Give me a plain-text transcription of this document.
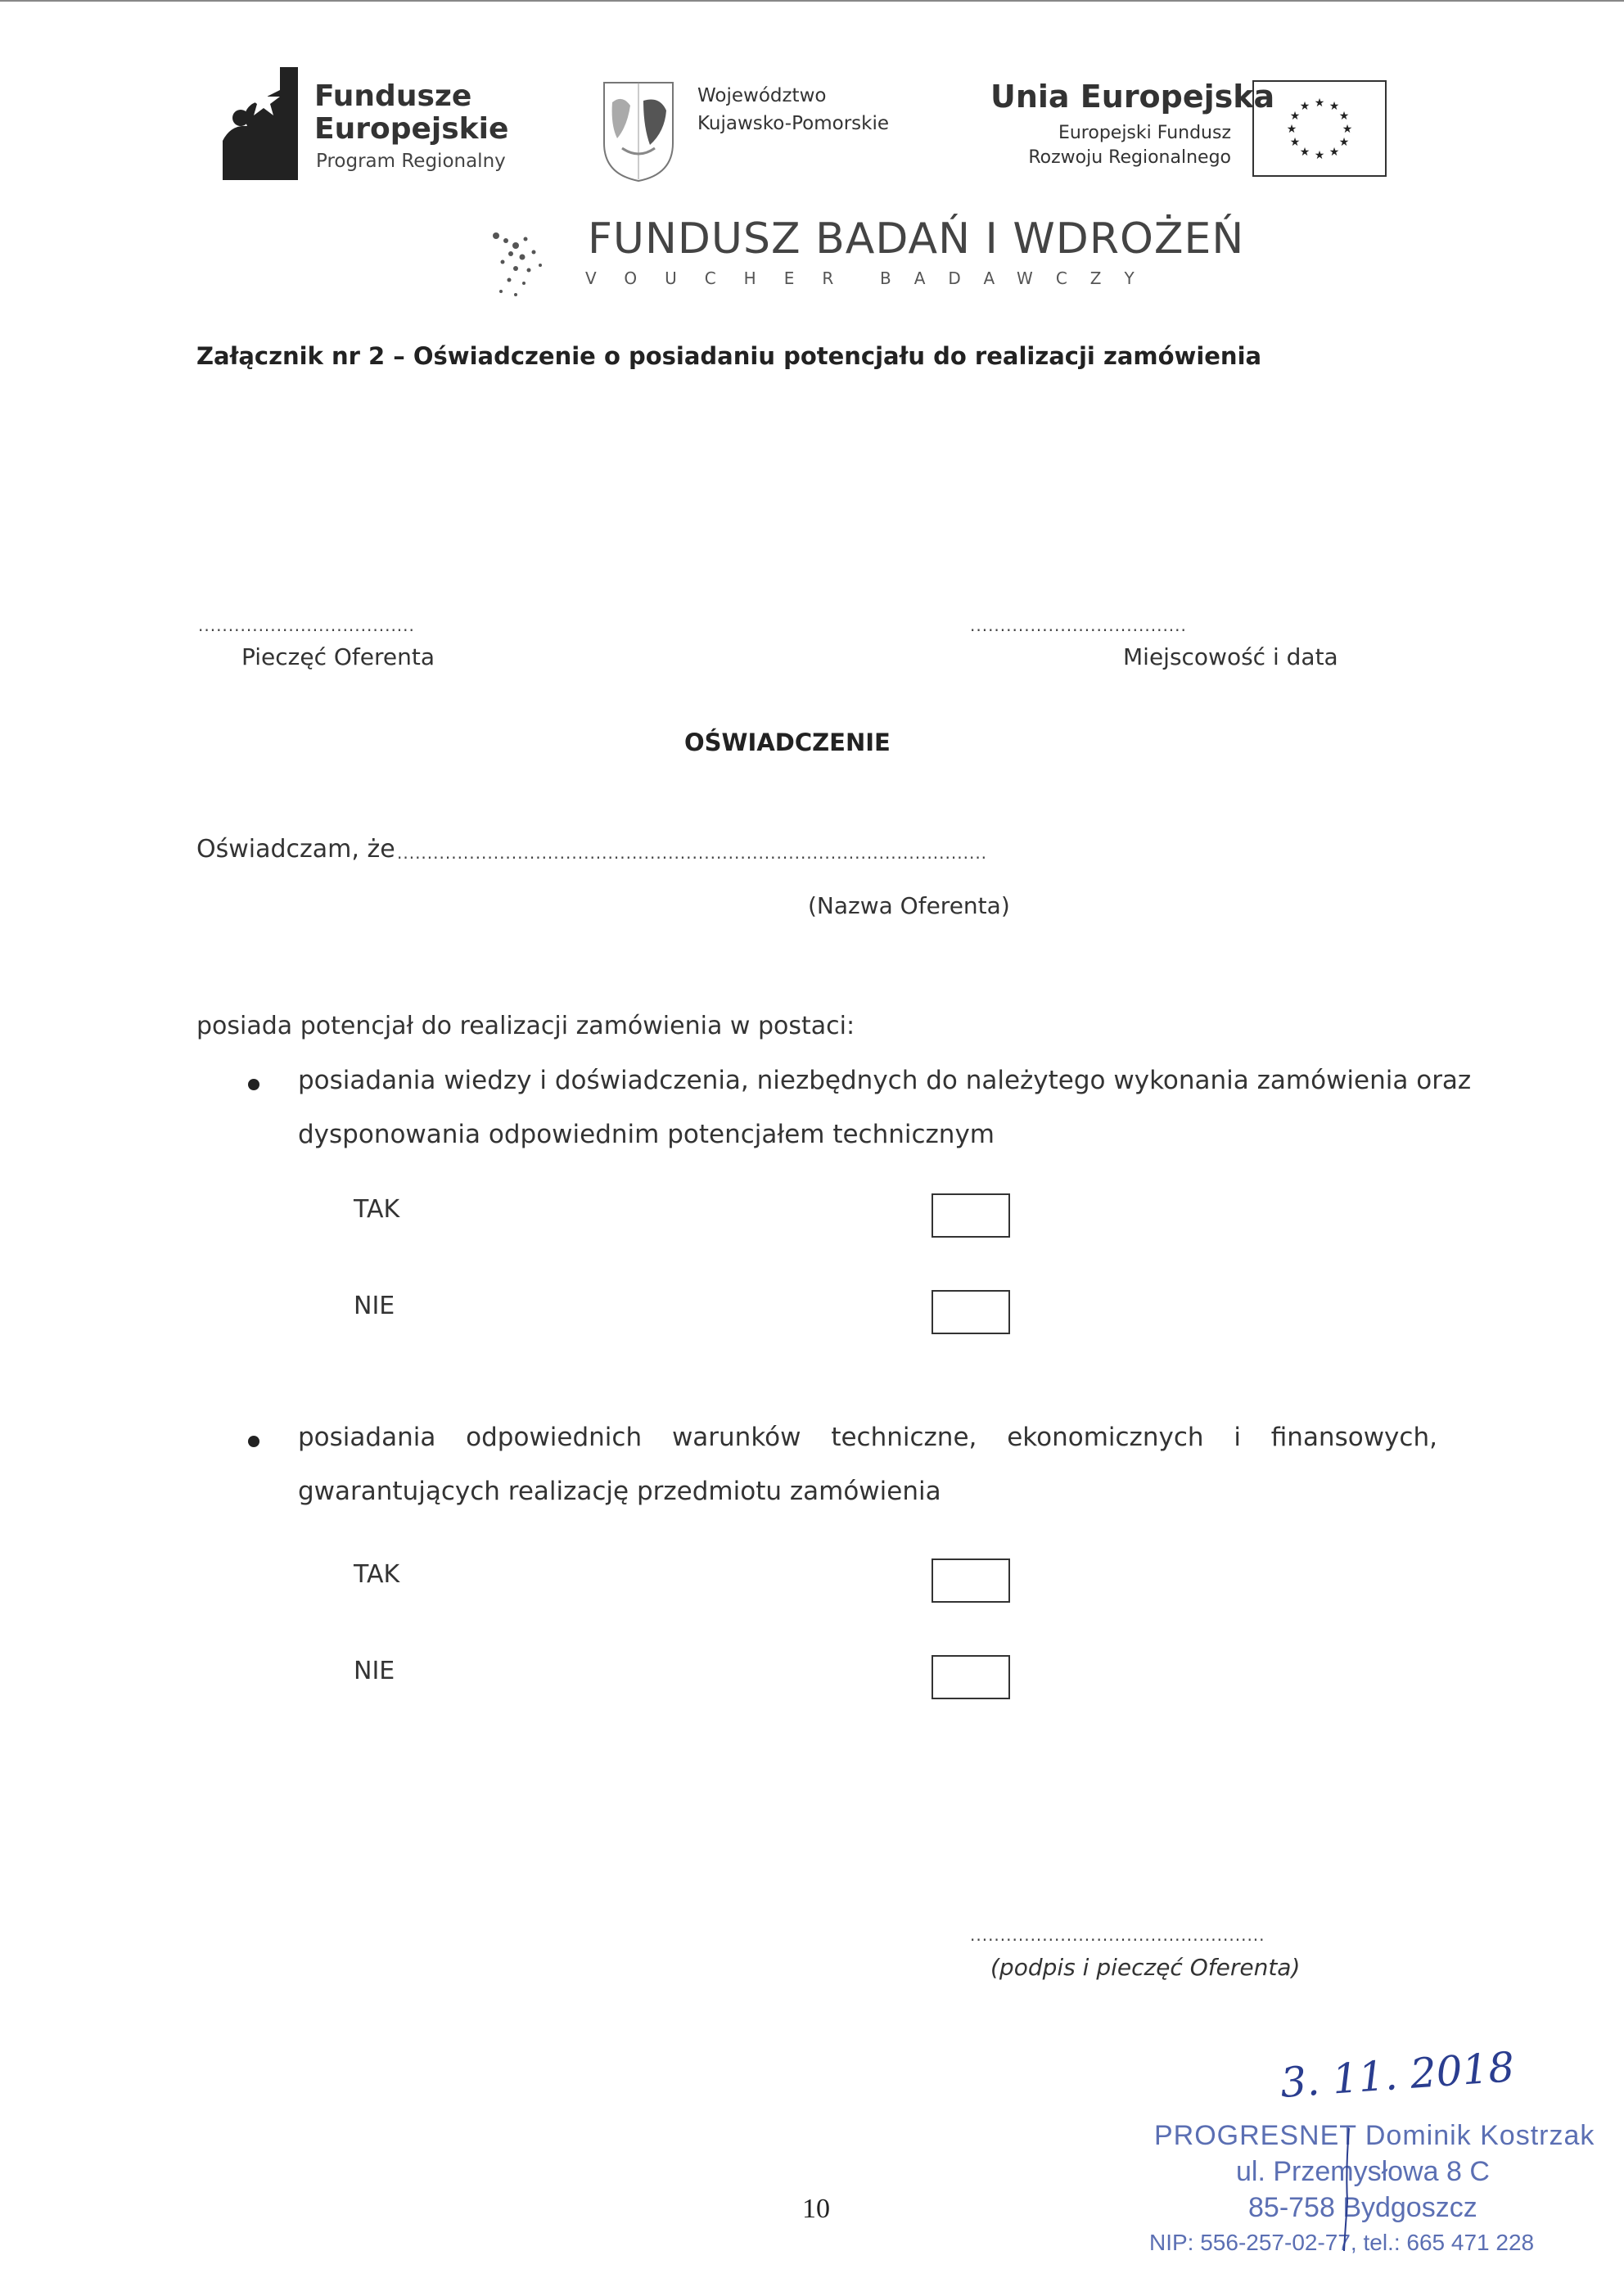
Fundusze
Europejskie
Program Regionalny
Województwo
Kujawsko-Pomorskie
Unia Europejska
Europejski Fundusz
Rozwoju Regionalnego
★ ★
★
★
★
★
★
★
★
★
★
★
FUNDUSZ BADAŃ I WDROŻEŃ
VOUCHER BADAWCZY
Załącznik nr 2 – Oświadczenie o posiadaniu potencjału do realizacji zamówienia
....................................	....................................
Pieczęć Oferenta	Miejscowość i data
OŚWIADCZENIE
Oświadczam, że ..................................................................................................
(Nazwa Oferenta)
posiada potencjał do realizacji zamówienia w postaci:
posiadania wiedzy i doświadczenia, niezbędnych do należytego wykonania zamówienia oraz
dysponowania odpowiednim potencjałem technicznym
TAK
NIE
posiadania odpowiednich warunków techniczne, ekonomicznych i finansowych,
gwarantujących realizację przedmiotu zamówienia
TAK
NIE
.................................................
(podpis i pieczęć Oferenta)
3. 11. 2018
PROGRESNET Dominik Kostrzak
ul. Przemysłowa 8 C
85-758 Bydgoszcz
NIP: 556-257-02-77, tel.: 665 471 228
10
